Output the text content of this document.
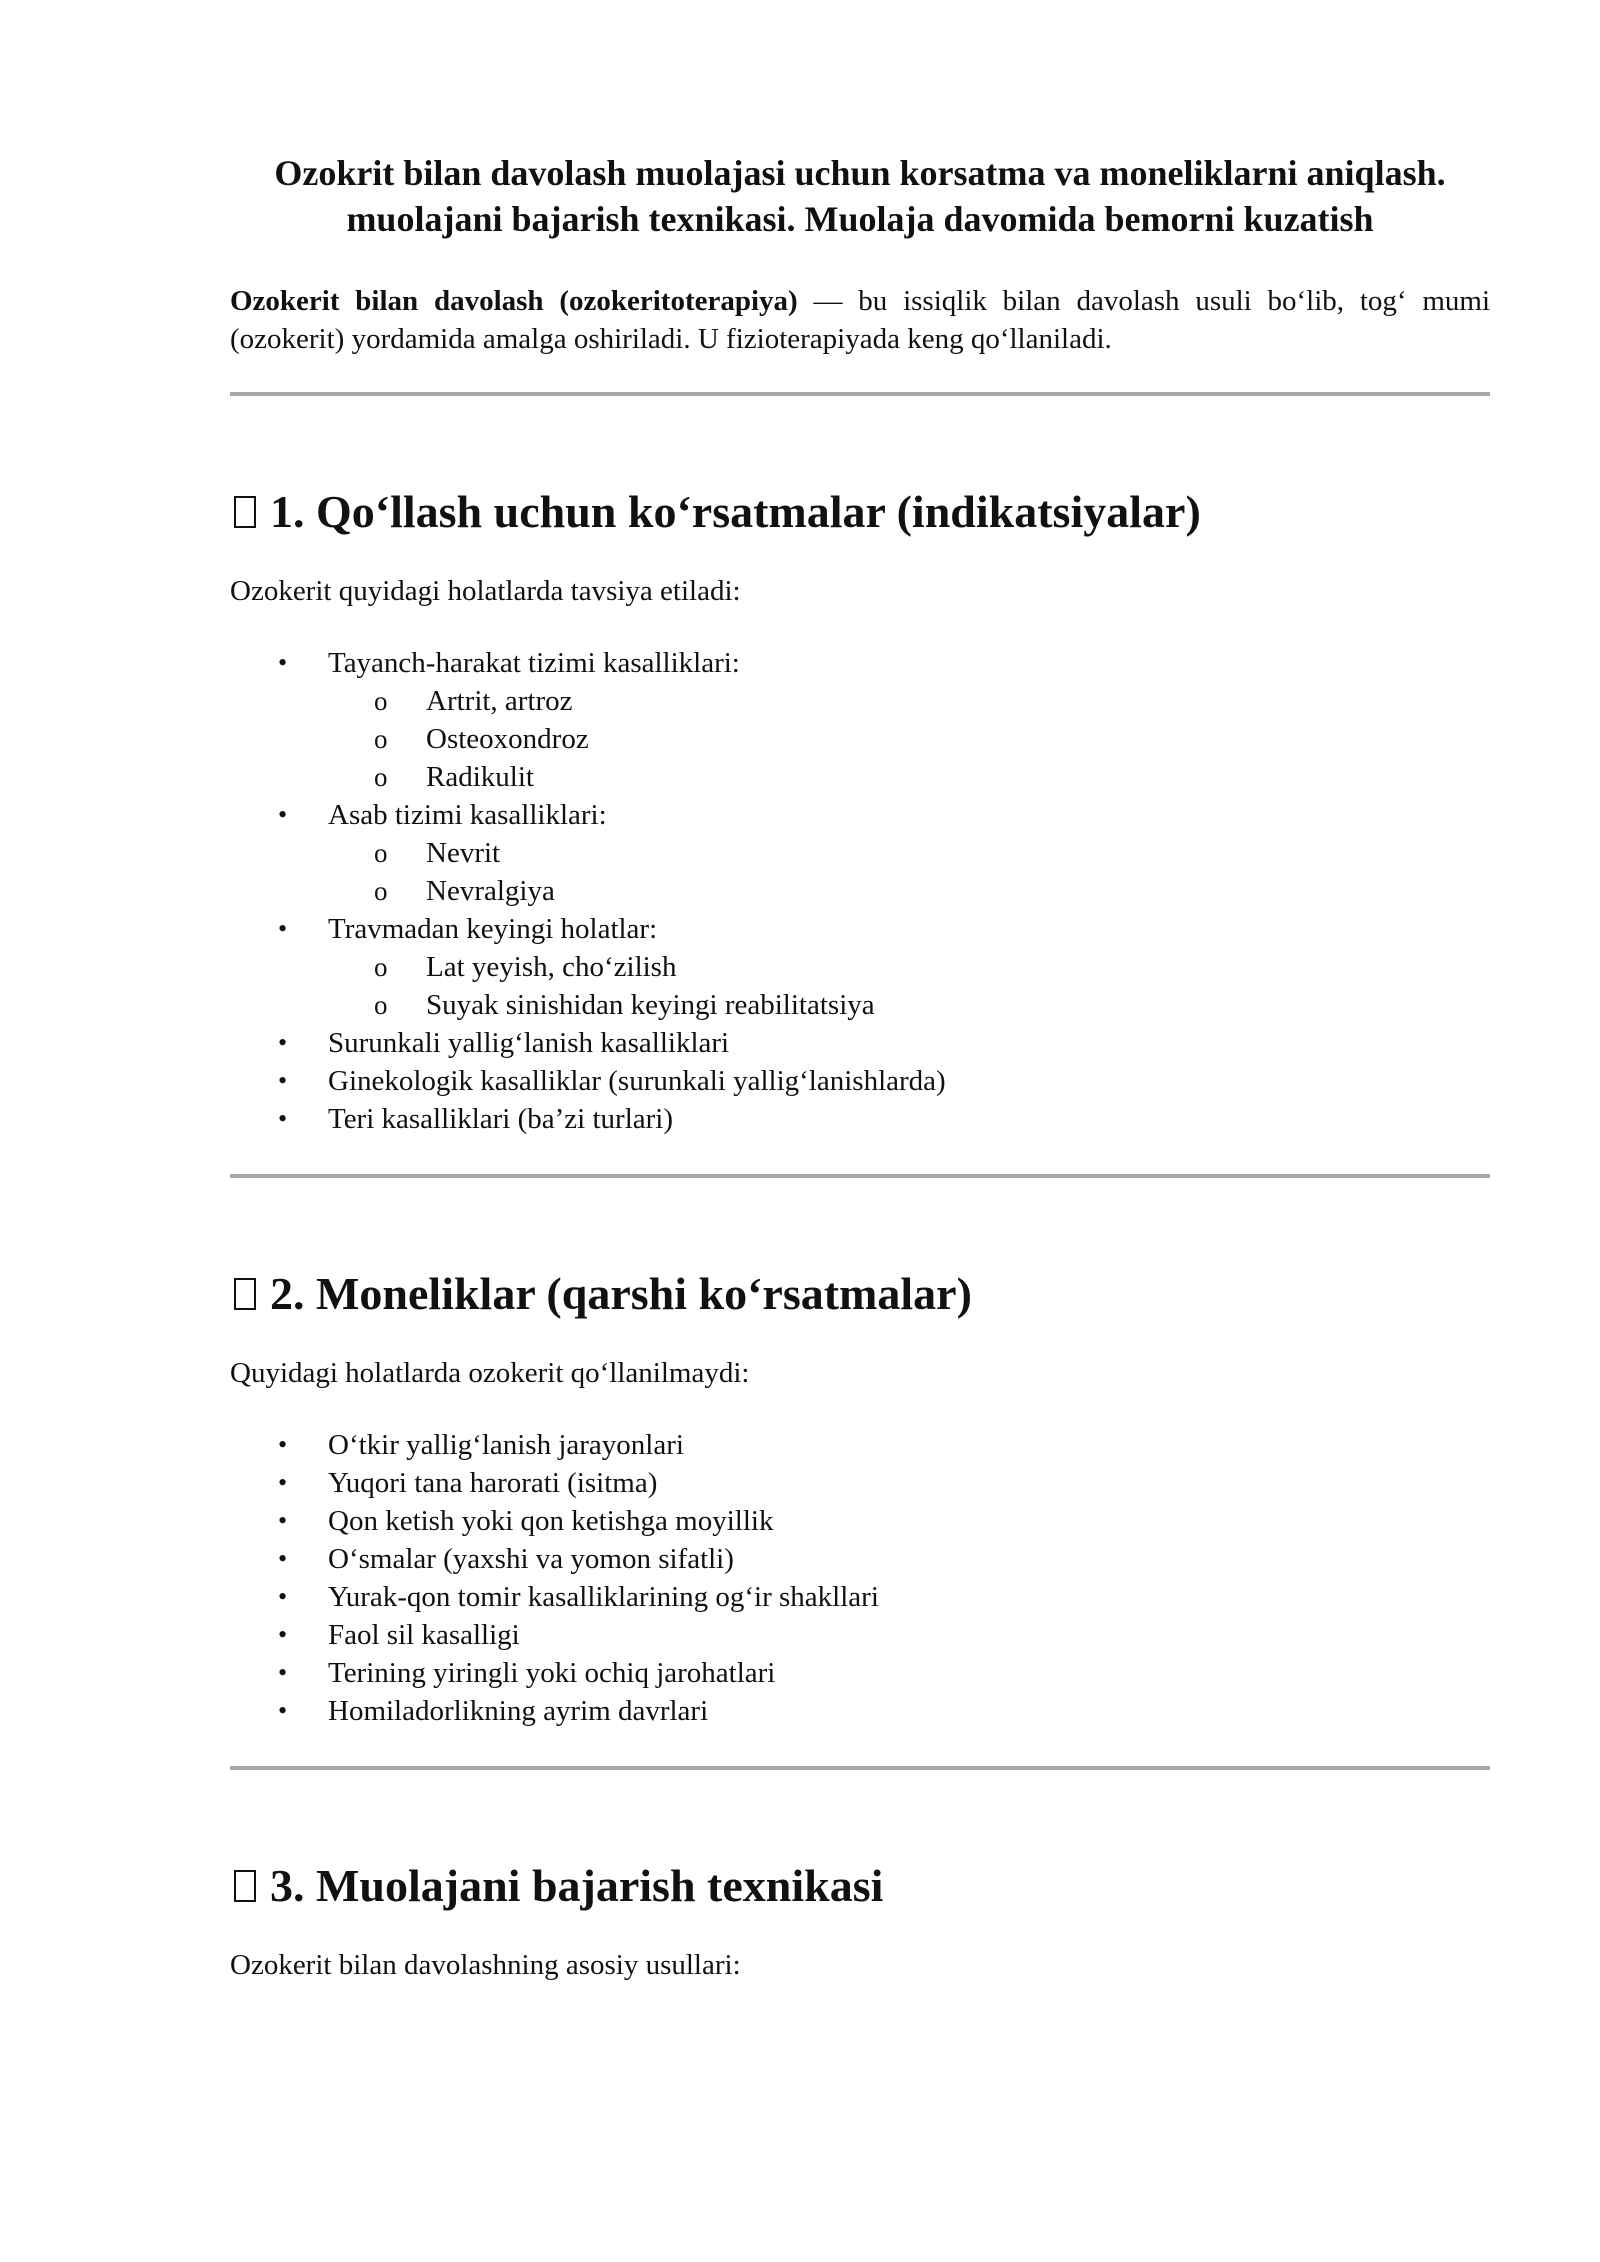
Ozokrit bilan davolash muolajasi uchun korsatma va moneliklarni aniqlash. muolajani bajarish texnikasi. Muolaja davomida bemorni kuzatish

Ozokerit bilan davolash (ozokeritoterapiya) — bu issiqlik bilan davolash usuli bo‘lib, tog‘ mumi (ozokerit) yordamida amalga oshiriladi. U fizioterapiyada keng qo‘llaniladi.

1. Qo‘llash uchun ko‘rsatmalar (indikatsiyalar)

Ozokerit quyidagi holatlarda tavsiya etiladi:

• Tayanch-harakat tizimi kasalliklari:
o Artrit, artroz
o Osteoxondroz
o Radikulit
• Asab tizimi kasalliklari:
o Nevrit
o Nevralgiya
• Travmadan keyingi holatlar:
o Lat yeyish, cho‘zilish
o Suyak sinishidan keyingi reabilitatsiya
• Surunkali yallig‘lanish kasalliklari
• Ginekologik kasalliklar (surunkali yallig‘lanishlarda)
• Teri kasalliklari (ba’zi turlari)
2. Moneliklar (qarshi ko‘rsatmalar)

Quyidagi holatlarda ozokerit qo‘llanilmaydi:

• O‘tkir yallig‘lanish jarayonlari
• Yuqori tana harorati (isitma)
• Qon ketish yoki qon ketishga moyillik
• O‘smalar (yaxshi va yomon sifatli)
• Yurak-qon tomir kasalliklarining og‘ir shakllari
• Faol sil kasalligi
• Terining yiringli yoki ochiq jarohatlari
• Homiladorlikning ayrim davrlari
3. Muolajani bajarish texnikasi

Ozokerit bilan davolashning asosiy usullari:
